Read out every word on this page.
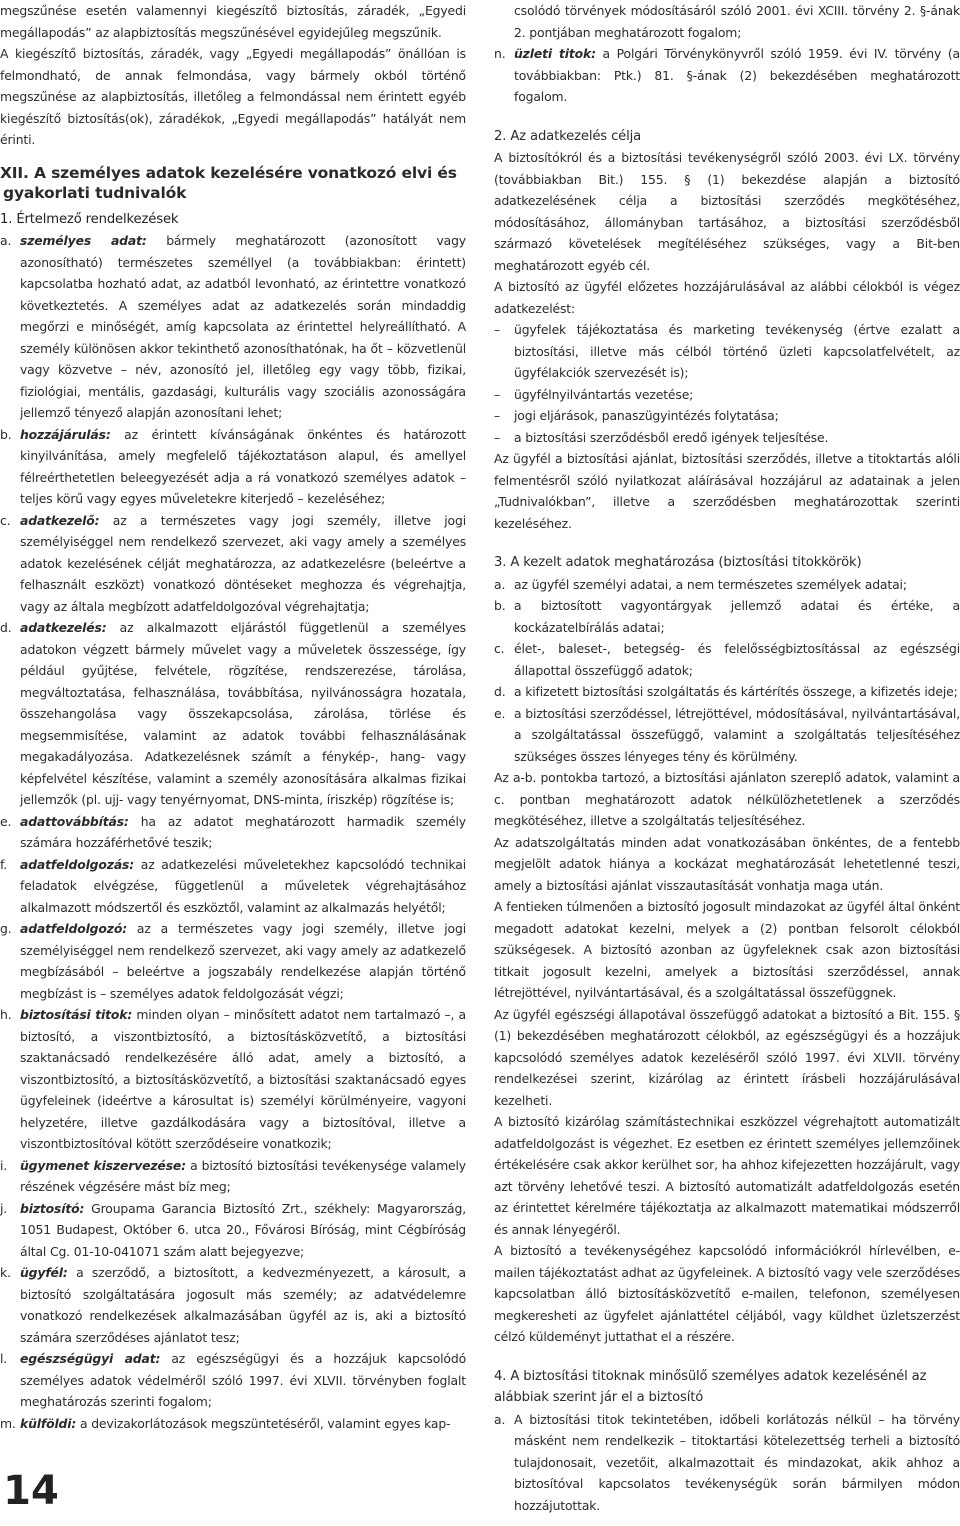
megszűnése esetén valamennyi kiegészítő biztosítás, záradék, „Egyedi megállapodás” az alapbiztosítás megszűnésével egyidejűleg megszűnik.

A kiegészítő biztosítás, záradék, vagy „Egyedi megállapodás” önállóan is felmondható, de annak felmondása, vagy bármely okból történő megszűnése az alapbiztosítás, illetőleg a felmondással nem érintett egyéb kiegészítő biztosítás(ok), záradékok, „Egyedi megállapodás” hatályát nem érinti.

XII. A személyes adatok kezelésére vonatkozó elvi és gyakorlati tudnivalók
1. Értelmező rendelkezések
a. személyes adat: bármely meghatározott (azonosított vagy azonosítható) természetes személlyel (a továbbiakban: érintett) kapcsolatba hozható adat, az adatból levonható, az érintettre vonatkozó következtetés. A személyes adat az adatkezelés során mindaddig megőrzi e minőségét, amíg kapcsolata az érintettel helyreállítható. A személy különösen akkor tekinthető azonosíthatónak, ha őt – közvetlenül vagy közvetve – név, azonosító jel, illetőleg egy vagy több, fizikai, fiziológiai, mentális, gazdasági, kulturális vagy szociális azonosságára jellemző tényező alapján azonosítani lehet;
b. hozzájárulás: az érintett kívánságának önkéntes és határozott kinyilvánítása, amely megfelelő tájékoztatáson alapul, és amellyel félreérthetetlen beleegyezését adja a rá vonatkozó személyes adatok – teljes körű vagy egyes műveletekre kiterjedő – kezeléséhez;
c. adatkezelő: az a természetes vagy jogi személy, illetve jogi személyiséggel nem rendelkező szervezet, aki vagy amely a személyes adatok kezelésének célját meghatározza, az adatkezelésre (beleértve a felhasznált eszközt) vonatkozó döntéseket meghozza és végrehajtja, vagy az általa megbízott adatfeldolgozóval végrehajtatja;
d. adatkezelés: az alkalmazott eljárástól függetlenül a személyes adatokon végzett bármely művelet vagy a műveletek összessége, így például gyűjtése, felvétele, rögzítése, rendszerezése, tárolása, megváltoztatása, felhasználása, továbbítása, nyilvánosságra hozatala, összehangolása vagy összekapcsolása, zárolása, törlése és megsemmisítése, valamint az adatok további felhasználásának megakadályozása. Adatkezelésnek számít a fénykép-, hang- vagy képfelvétel készítése, valamint a személy azonosítására alkalmas fizikai jellemzők (pl. ujj- vagy tenyérnyomat, DNS-minta, íriszkép) rögzítése is;
e. adattovábbítás: ha az adatot meghatározott harmadik személy számára hozzáférhetővé teszik;
f.	adatfeldolgozás: az adatkezelési műveletekhez kapcsolódó technikai feladatok elvégzése, függetlenül a műveletek végrehajtásához alkalmazott módszertől és eszköztől, valamint az alkalmazás helyétől;
g. adatfeldolgozó: az a természetes vagy jogi személy, illetve jogi személyiséggel nem rendelkező szervezet, aki vagy amely az adatkezelő megbízásából – beleértve a jogszabály rendelkezése alapján történő megbízást is – személyes adatok feldolgozását végzi;
h. biztosítási titok: minden olyan – minősített adatot nem tartalmazó –, a biztosító, a viszontbiztosító, a biztosításközvetítő, a biztosítási szaktanácsadó rendelkezésére álló adat, amely a biztosító, a viszontbiztosító, a biztosításközvetítő, a biztosítási szaktanácsadó egyes ügyfeleinek (ideértve a károsultat is) személyi körülményeire, vagyoni helyzetére, illetve gazdálkodására vagy a biztosítóval, illetve a viszontbiztosítóval kötött szerződéseire vonatkozik;
i.	ügymenet kiszervezése: a biztosító biztosítási tevékenysége valamely részének végzésére mást bíz meg;
j.	biztosító: Groupama Garancia Biztosító Zrt., székhely: Magyarország, 1051 Budapest, Október 6. utca 20., Fővárosi Bíróság, mint Cégbíróság által Cg. 01-10-041071 szám alatt bejegyezve;
k. ügyfél: a szerződő, a biztosított, a kedvezményezett, a károsult, a biztosító szolgáltatására jogosult más személy; az adatvédelemre vonatkozó rendelkezések alkalmazásában ügyfél az is, aki a biztosító számára szerződéses ajánlatot tesz;
l.	egészségügyi adat: az egészségügyi és a hozzájuk kapcsolódó személyes adatok védelméről szóló 1997. évi XLVII. törvényben foglalt meghatározás szerinti fogalom;
m. külföldi: a devizakorlátozások megszüntetéséről, valamint egyes kap-
csolódó törvények módosításáról szóló 2001. évi XCIII. törvény 2. §-ának 2. pontjában meghatározott fogalom;
n. üzleti titok: a Polgári Törvénykönyvről szóló 1959. évi IV. törvény (a továbbiakban: Ptk.) 81. §-ának (2) bekezdésében meghatározott fogalom.
2. Az adatkezelés célja

A biztosítókról és a biztosítási tevékenységről szóló 2003. évi LX. törvény (továbbiakban Bit.) 155. § (1) bekezdése alapján a biztosító adatkezelésének célja a biztosítási szerződés megkötéséhez, módosításához, állományban tartásához, a biztosítási szerződésből származó követelések megítéléséhez szükséges, vagy a Bit-ben meghatározott egyéb cél.

A biztosító az ügyfél előzetes hozzájárulásával az alábbi célokból is végez adatkezelést:

–	ügyfelek tájékoztatása és marketing tevékenység (értve ezalatt a biztosítási, illetve más célból történő üzleti kapcsolatfelvételt, az ügyfélakciók szervezését is);
–	ügyfélnyilvántartás vezetése;
–	jogi eljárások, panaszügyintézés folytatása;
–	a biztosítási szerződésből eredő igények teljesítése.

Az ügyfél a biztosítási ajánlat, biztosítási szerződés, illetve a titoktartás alóli felmentésről szóló nyilatkozat aláírásával hozzájárul az adatainak a jelen „Tudnivalókban”, illetve a szerződésben meghatározottak szerinti kezeléséhez.

3. A kezelt adatok meghatározása (biztosítási titokkörök)
a. az ügyfél személyi adatai, a nem természetes személyek adatai;
b. a biztosított vagyontárgyak jellemző adatai és értéke, a kockázatelbírálás adatai;
c. élet-, baleset-, betegség- és felelősségbiztosítással az egészségi állapottal összefüggő adatok;
d. a kifizetett biztosítási szolgáltatás és kártérítés összege, a kifizetés ideje;
e. a biztosítási szerződéssel, létrejöttével, módosításával, nyilvántartásával, a szolgáltatással összefüggő, valamint a szolgáltatás teljesítéséhez szükséges összes lényeges tény és körülmény.

Az a-b. pontokba tartozó, a biztosítási ajánlaton szereplő adatok, valamint a c. pontban meghatározott adatok nélkülözhetetlenek a szerződés megkötéséhez, illetve a szolgáltatás teljesítéséhez.

Az adatszolgáltatás minden adat vonatkozásában önkéntes, de a fentebb megjelölt adatok hiánya a kockázat meghatározását lehetetlenné teszi, amely a biztosítási ajánlat visszautasítását vonhatja maga után.

A fentieken túlmenően a biztosító jogosult mindazokat az ügyfél által önként megadott adatokat kezelni, melyek a (2) pontban felsorolt célokból szükségesek. A biztosító azonban az ügyfeleknek csak azon biztosítási titkait jogosult kezelni, amelyek a biztosítási szerződéssel, annak létrejöttével, nyilvántartásával, és a szolgáltatással összefüggnek.

Az ügyfél egészségi állapotával összefüggő adatokat a biztosító a Bit. 155. § (1) bekezdésében meghatározott célokból, az egészségügyi és a hozzájuk kapcsolódó személyes adatok kezeléséről szóló 1997. évi XLVII. törvény rendelkezései szerint, kizárólag az érintett írásbeli hozzájárulásával kezelheti.

A biztosító kizárólag számítástechnikai eszközzel végrehajtott automatizált adatfeldolgozást is végezhet. Ez esetben ez érintett személyes jellemzőinek értékelésére csak akkor kerülhet sor, ha ahhoz kifejezetten hozzájárult, vagy azt törvény lehetővé teszi. A biztosító automatizált adatfeldolgozás esetén az érintettet kérelmére tájékoztatja az alkalmazott matematikai módszerről és annak lényegéről.

A biztosító a tevékenységéhez kapcsolódó információkról hírlevélben, e-mailen tájékoztatást adhat az ügyfeleinek. A biztosító vagy vele szerződéses kapcsolatban álló biztosításközvetítő e-mailen, telefonon, személyesen megkeresheti az ügyfelet ajánlattétel céljából, vagy küldhet üzletszerzést célzó küldeményt juttathat el a részére.

4. A biztosítási titoknak minősülő személyes adatok kezelésénél az alábbiak szerint jár el a biztosító
a. A biztosítási titok tekintetében, időbeli korlátozás nélkül – ha törvény másként nem rendelkezik – titoktartási kötelezettség terheli a biztosító tulajdonosait, vezetőit, alkalmazottait és mindazokat, akik ahhoz a biztosítóval kapcsolatos tevékenységük során bármilyen módon hozzájutottak.
14
